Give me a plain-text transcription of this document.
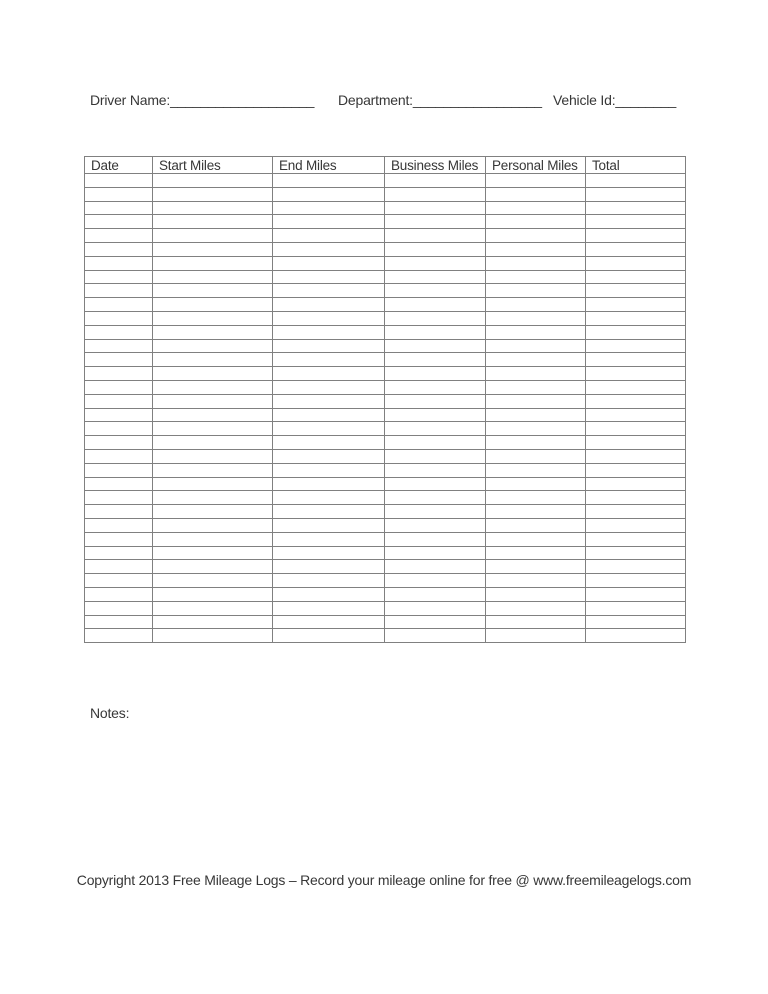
Driver Name:___________________ Department:_________________ Vehicle Id:________
Date	Start Miles	End Miles	Business Miles	Personal Miles	Total

Notes:
Copyright 2013 Free Mileage Logs – Record your mileage online for free @ www.freemileagelogs.com
